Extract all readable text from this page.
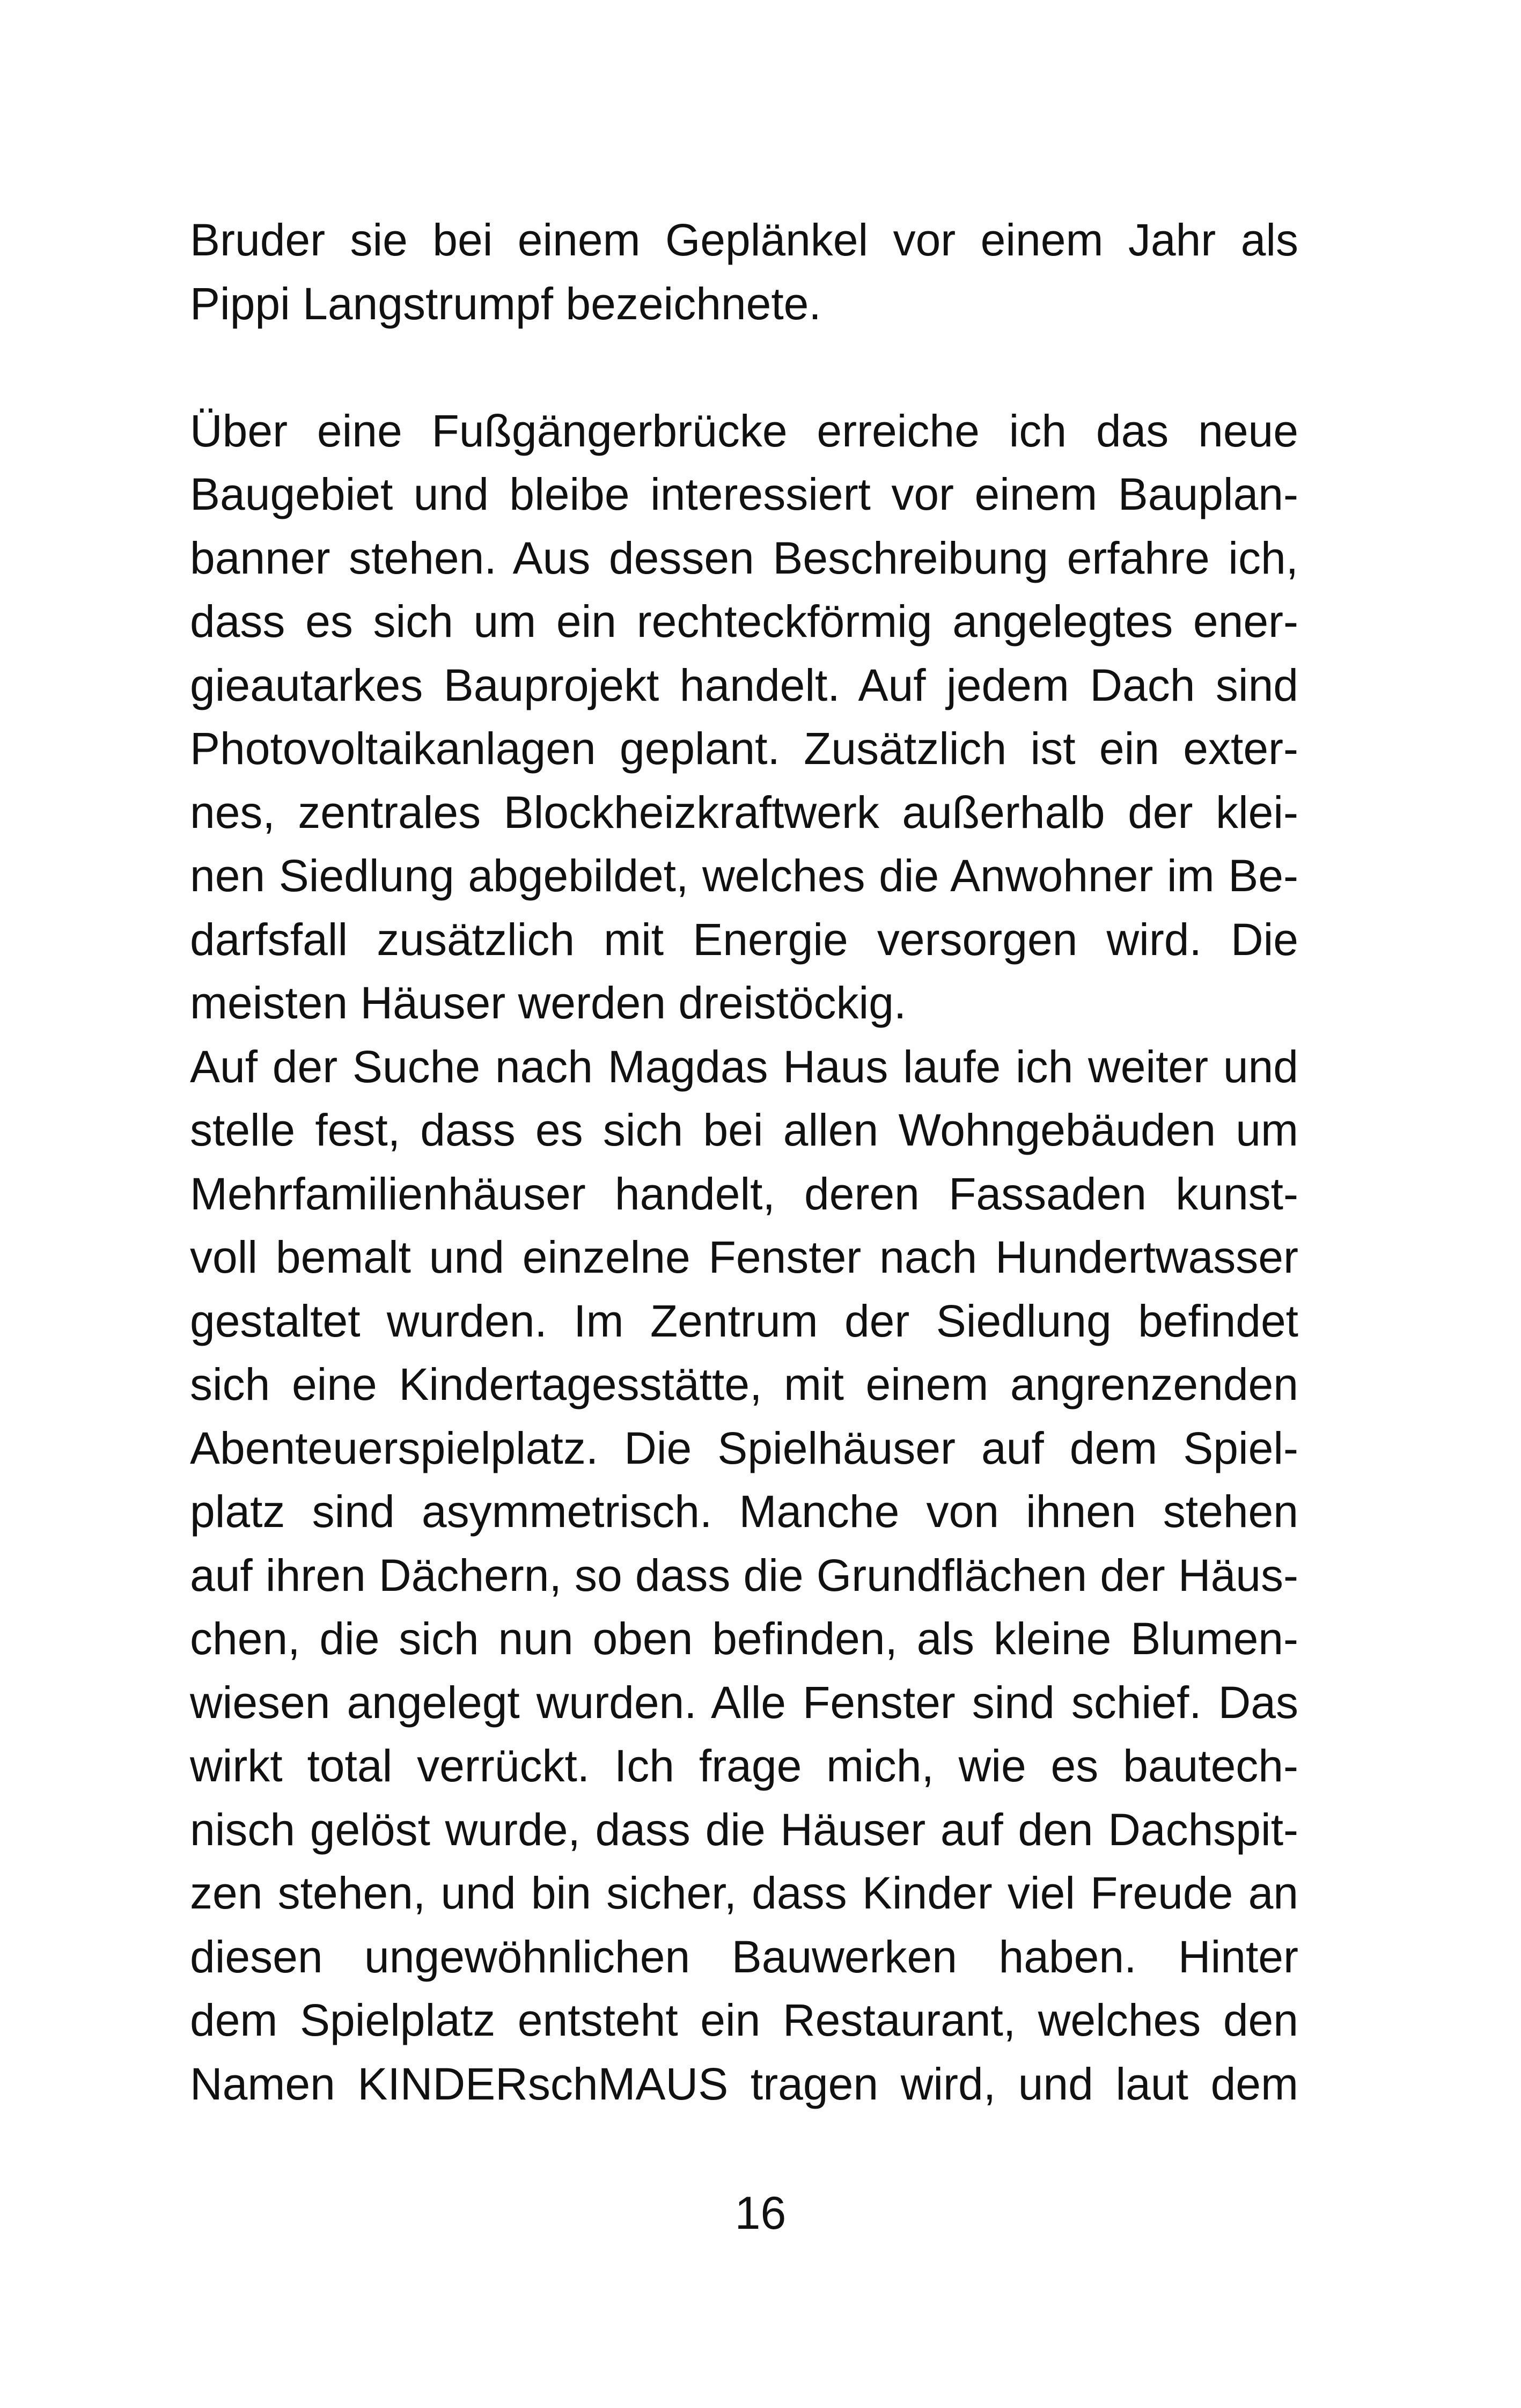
Bruder sie bei einem Geplänkel vor einem Jahr als
Pippi Langstrumpf bezeichnete.
Über eine Fußgängerbrücke erreiche ich das neue
Baugebiet und bleibe interessiert vor einem Bauplan-
banner stehen. Aus dessen Beschreibung erfahre ich,
dass es sich um ein rechteckförmig angelegtes ener-
gieautarkes Bauprojekt handelt. Auf jedem Dach sind
Photovoltaikanlagen geplant. Zusätzlich ist ein exter-
nes, zentrales Blockheizkraftwerk außerhalb der klei-
nen Siedlung abgebildet, welches die Anwohner im Be-
darfsfall zusätzlich mit Energie versorgen wird. Die
meisten Häuser werden dreistöckig.
Auf der Suche nach Magdas Haus laufe ich weiter und
stelle fest, dass es sich bei allen Wohngebäuden um
Mehrfamilienhäuser handelt, deren Fassaden kunst-
voll bemalt und einzelne Fenster nach Hundertwasser
gestaltet wurden. Im Zentrum der Siedlung befindet
sich eine Kindertagesstätte, mit einem angrenzenden
Abenteuerspielplatz. Die Spielhäuser auf dem Spiel-
platz sind asymmetrisch. Manche von ihnen stehen
auf ihren Dächern, so dass die Grundflächen der Häus-
chen, die sich nun oben befinden, als kleine Blumen-
wiesen angelegt wurden. Alle Fenster sind schief. Das
wirkt total verrückt. Ich frage mich, wie es bautech-
nisch gelöst wurde, dass die Häuser auf den Dachspit-
zen stehen, und bin sicher, dass Kinder viel Freude an
diesen ungewöhnlichen Bauwerken haben. Hinter
dem Spielplatz entsteht ein Restaurant, welches den
Namen KINDERschMAUS tragen wird, und laut dem
16
